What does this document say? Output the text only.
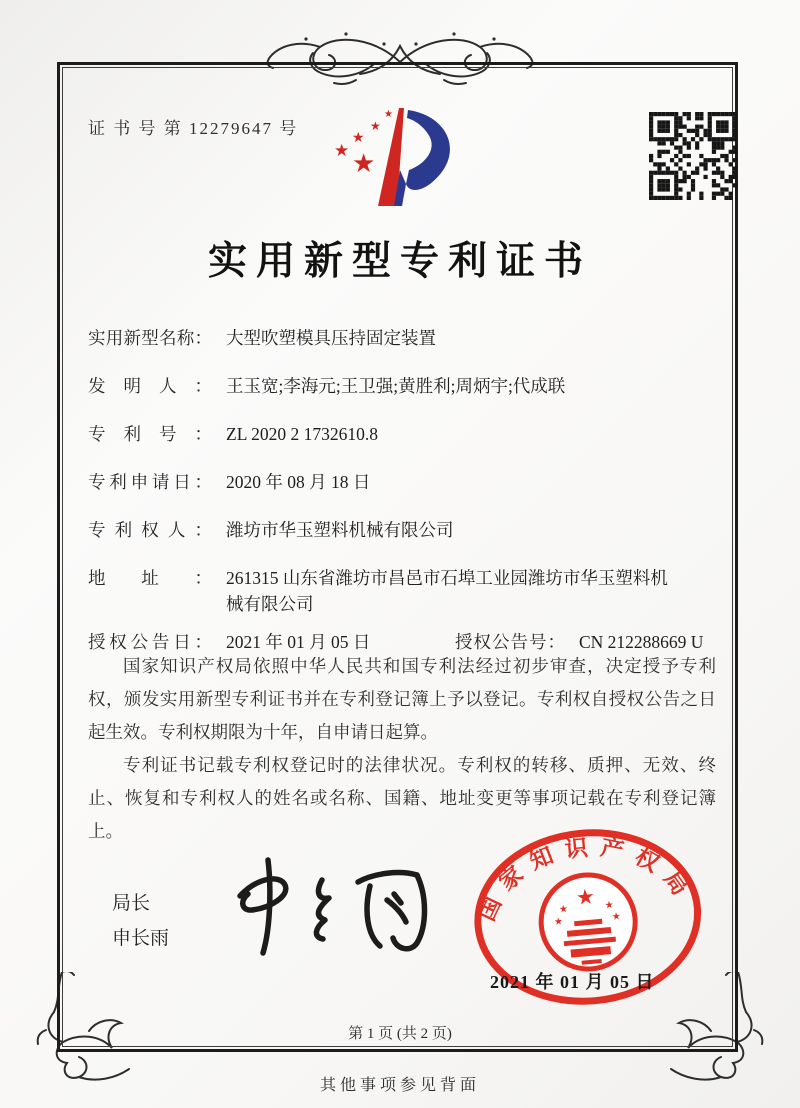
证 书 号 第 12279647 号
★
★
★
★
★
实用新型专利证书
实用新型名称： 大型吹塑模具压持固定装置
发明人： 王玉宽;李海元;王卫强;黄胜利;周炳宇;代成联
专利号： ZL 2020 2 1732610.8
专利申请日： 2020 年 08 月 18 日
专利权人： 潍坊市华玉塑料机械有限公司
地址： 261315 山东省潍坊市昌邑市石埠工业园潍坊市华玉塑料机械有限公司
授权公告日： 2021 年 01 月 05 日	授权公告号： CN 212288669 U

国家知识产权局依照中华人民共和国专利法经过初步审查，决定授予专利权，颁发实用新型专利证书并在专利登记簿上予以登记。专利权自授权公告之日起生效。专利权期限为十年，自申请日起算。

专利证书记载专利权登记时的法律状况。专利权的转移、质押、无效、终止、恢复和专利权人的姓名或名称、国籍、地址变更等事项记载在专利登记簿上。

局长
申长雨
国家知识产权局
★
★	★
★	★
2021 年 01 月 05 日
第 1 页 (共 2 页)
其他事项参见背面
